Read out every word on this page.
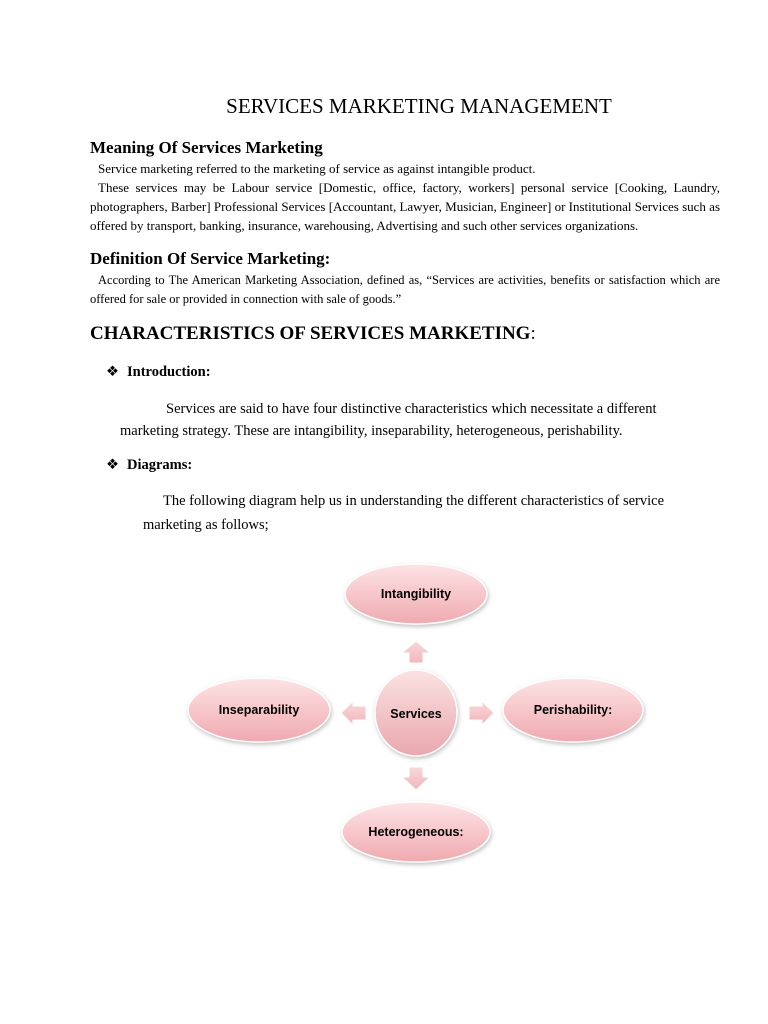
SERVICES MARKETING MANAGEMENT
Meaning Of Services Marketing
Service marketing referred to the marketing of service as against intangible product.
These services may be Labour service [Domestic, office, factory, workers] personal service [Cooking, Laundry, photographers, Barber] Professional Services [Accountant, Lawyer, Musician, Engineer] or Institutional Services such as offered by transport, banking, insurance, warehousing, Advertising and such other services organizations.
Definition Of Service Marketing:
According to The American Marketing Association, defined as, “Services are activities, benefits or satisfaction which are offered for sale or provided in connection with sale of goods.”
CHARACTERISTICS OF SERVICES MARKETING:
❖ Introduction:
Services are said to have four distinctive characteristics which necessitate a different
marketing strategy. These are intangibility, inseparability, heterogeneous, perishability.
❖ Diagrams:
The following diagram help us in understanding the different characteristics of service
marketing as follows;
Intangibility
Services
Inseparability	Perishability:
Heterogeneous:
